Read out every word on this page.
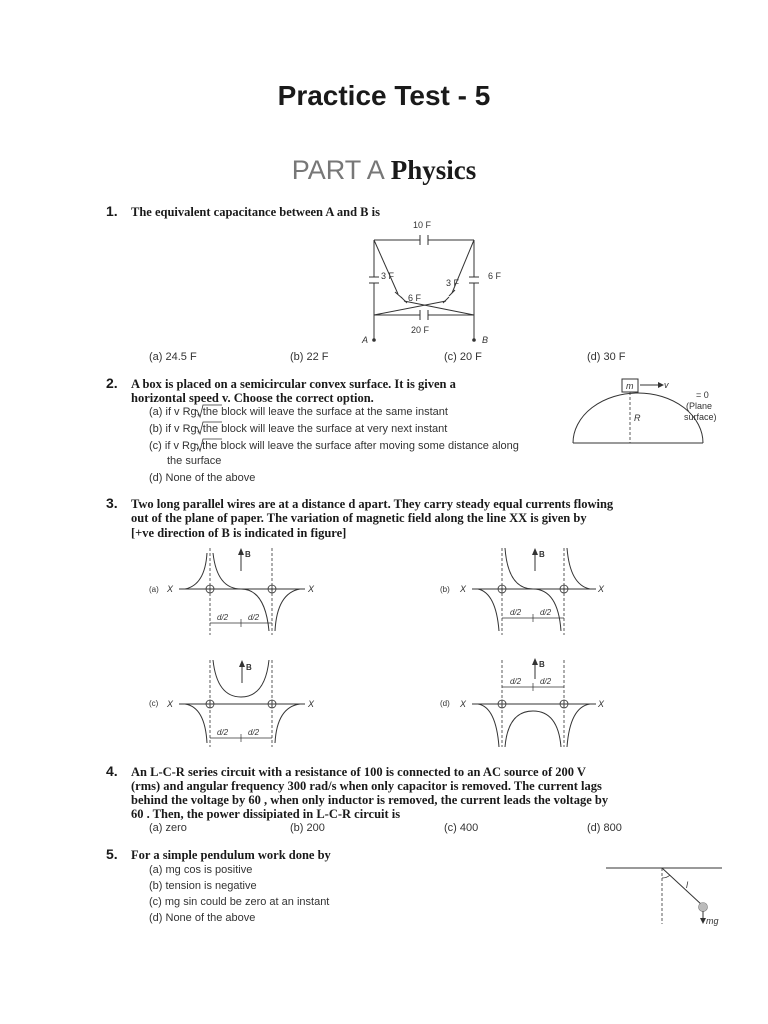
Practice Test - 5
PART A Physics
1. The equivalent capacitance between A and B is
10 F
3 F
3 F
6 F
6 F
20 F
A	B
(a) 24.5 F	(b) 22 F	(c) 20 F	(d) 30 F
2. A box is placed on a semicircular convex surface. It is given a
horizontal speed v. Choose the correct option.
(a) if v Rg, the block will leave the surface at the same instant
(b) if v Rg, the block will leave the surface at very next instant
(c) if v Rg, the block will leave the surface after moving some distance along
the surface
(d) None of the above
m	v
R
= 0
(Plane
surface)
3. Two long parallel wires are at a distance d apart. They carry steady equal currents flowing
out of the plane of paper. The variation of magnetic field along the line XX is given by
[+ve direction of B is indicated in figure]
(a) X	X
B
d/2 d/2
(b) X	X
B
d/2 d/2
(c) X	X
B
d/2 d/2
(d) X	X
B
d/2 d/2
4. An L-C-R series circuit with a resistance of 100 is connected to an AC source of 200 V
(rms) and angular frequency 300 rad/s when only capacitor is removed. The current lags
behind the voltage by 60 , when only inductor is removed, the current leads the voltage by
60 . Then, the power dissipiated in L-C-R circuit is
(a) zero	(b) 200	(c) 400	(d) 800
5. For a simple pendulum work done by
(a) mg cos is positive
(b) tension is negative
(c) mg sin could be zero at an instant
(d) None of the above
l
mg
